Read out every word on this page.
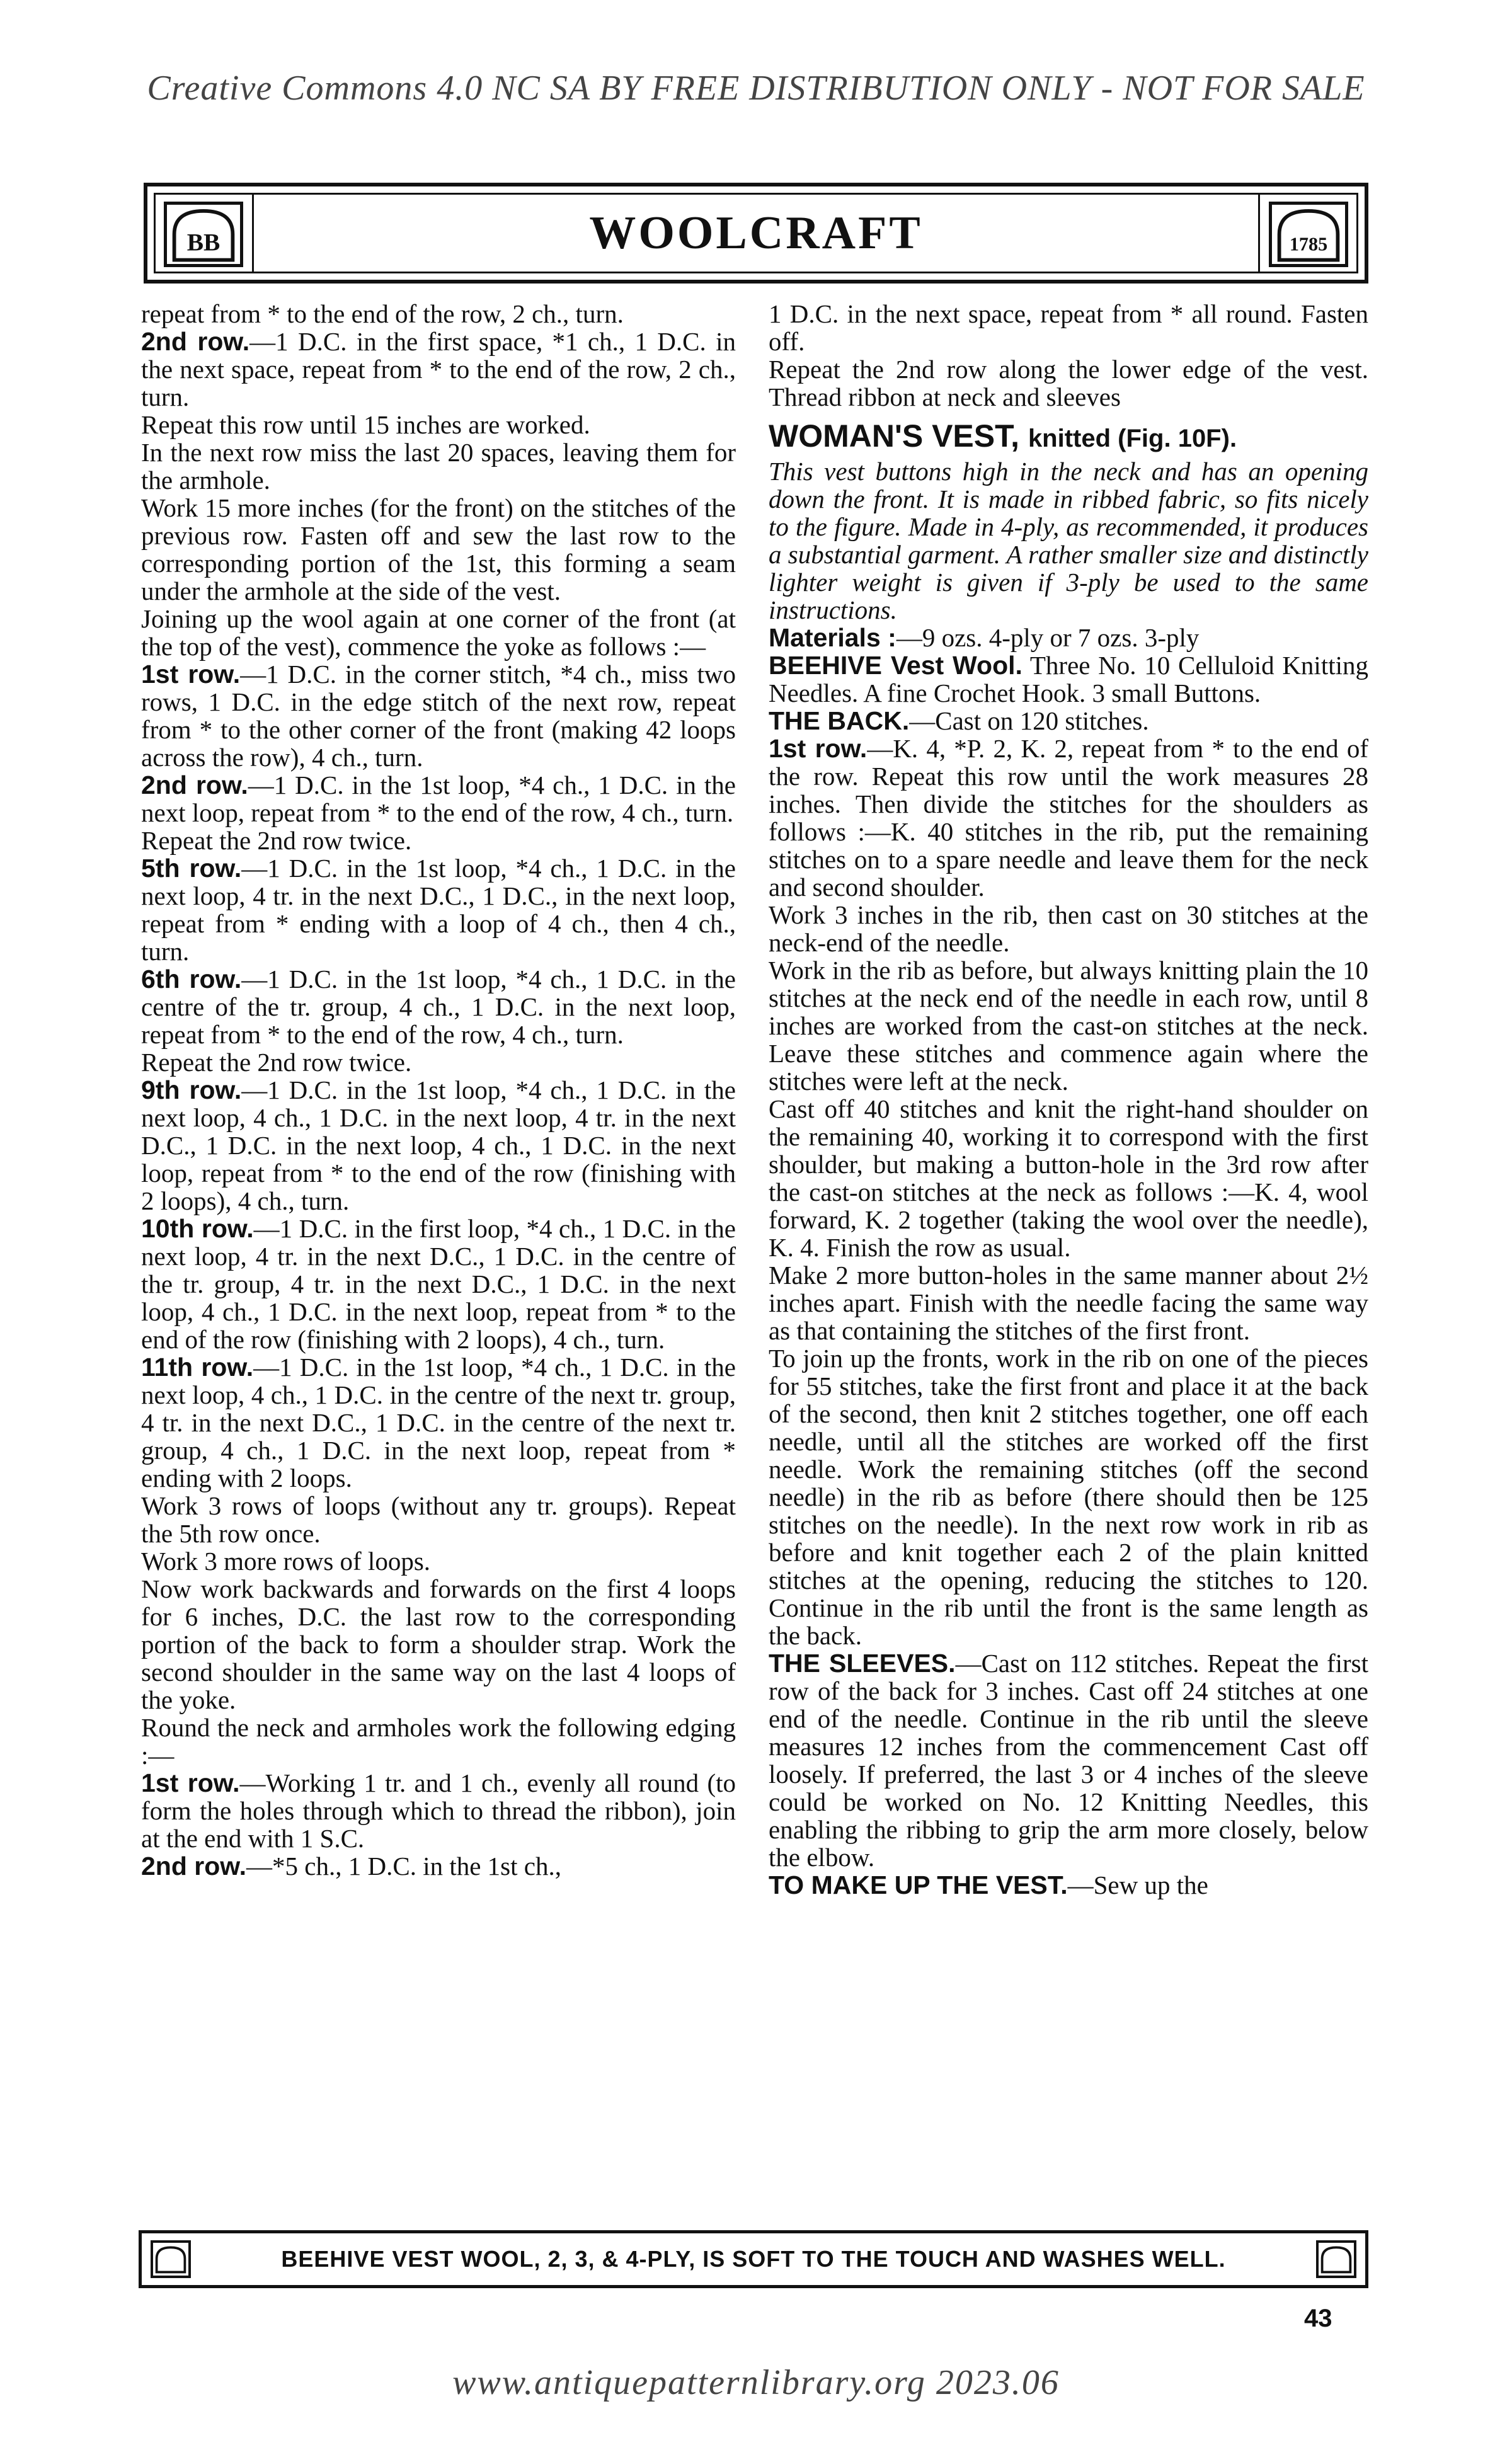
Creative Commons 4.0 NC SA BY FREE DISTRIBUTION ONLY - NOT FOR SALE
BB	WOOLCRAFT	1785

repeat from * to the end of the row, 2 ch., turn.

2nd row.—1 D.C. in the first space, *1 ch., 1 D.C. in the next space, repeat from * to the end of the row, 2 ch., turn.

Repeat this row until 15 inches are worked.

In the next row miss the last 20 spaces, leaving them for the armhole.

Work 15 more inches (for the front) on the stitches of the previous row. Fasten off and sew the last row to the corresponding portion of the 1st, this forming a seam under the armhole at the side of the vest.

Joining up the wool again at one corner of the front (at the top of the vest), commence the yoke as follows :—

1st row.—1 D.C. in the corner stitch, *4 ch., miss two rows, 1 D.C. in the edge stitch of the next row, repeat from * to the other corner of the front (making 42 loops across the row), 4 ch., turn.

2nd row.—1 D.C. in the 1st loop, *4 ch., 1 D.C. in the next loop, repeat from * to the end of the row, 4 ch., turn.

Repeat the 2nd row twice.

5th row.—1 D.C. in the 1st loop, *4 ch., 1 D.C. in the next loop, 4 tr. in the next D.C., 1 D.C., in the next loop, repeat from * ending with a loop of 4 ch., then 4 ch., turn.

6th row.—1 D.C. in the 1st loop, *4 ch., 1 D.C. in the centre of the tr. group, 4 ch., 1 D.C. in the next loop, repeat from * to the end of the row, 4 ch., turn.

Repeat the 2nd row twice.

9th row.—1 D.C. in the 1st loop, *4 ch., 1 D.C. in the next loop, 4 ch., 1 D.C. in the next loop, 4 tr. in the next D.C., 1 D.C. in the next loop, 4 ch., 1 D.C. in the next loop, repeat from * to the end of the row (finishing with 2 loops), 4 ch., turn.

10th row.—1 D.C. in the first loop, *4 ch., 1 D.C. in the next loop, 4 tr. in the next D.C., 1 D.C. in the centre of the tr. group, 4 tr. in the next D.C., 1 D.C. in the next loop, 4 ch., 1 D.C. in the next loop, repeat from * to the end of the row (finishing with 2 loops), 4 ch., turn.

11th row.—1 D.C. in the 1st loop, *4 ch., 1 D.C. in the next loop, 4 ch., 1 D.C. in the centre of the next tr. group, 4 tr. in the next D.C., 1 D.C. in the centre of the next tr. group, 4 ch., 1 D.C. in the next loop, repeat from * ending with 2 loops.

Work 3 rows of loops (without any tr. groups). Repeat the 5th row once.

Work 3 more rows of loops.

Now work backwards and forwards on the first 4 loops for 6 inches, D.C. the last row to the corresponding portion of the back to form a shoulder strap. Work the second shoulder in the same way on the last 4 loops of the yoke.

Round the neck and armholes work the following edging :—

1st row.—Working 1 tr. and 1 ch., evenly all round (to form the holes through which to thread the ribbon), join at the end with 1 S.C.

2nd row.—*5 ch., 1 D.C. in the 1st ch.,

1 D.C. in the next space, repeat from * all round. Fasten off.

Repeat the 2nd row along the lower edge of the vest. Thread ribbon at neck and sleeves

WOMAN'S VEST, knitted (Fig. 10F).

This vest buttons high in the neck and has an opening down the front. It is made in ribbed fabric, so fits nicely to the figure. Made in 4-ply, as recommended, it produces a substantial garment. A rather smaller size and distinctly lighter weight is given if 3-ply be used to the same instructions.

Materials :—9 ozs. 4-ply or 7 ozs. 3-ply

BEEHIVE Vest Wool. Three No. 10 Celluloid Knitting Needles. A fine Crochet Hook. 3 small Buttons.

THE BACK.—Cast on 120 stitches.

1st row.—K. 4, *P. 2, K. 2, repeat from * to the end of the row. Repeat this row until the work measures 28 inches. Then divide the stitches for the shoulders as follows :—K. 40 stitches in the rib, put the remaining stitches on to a spare needle and leave them for the neck and second shoulder.

Work 3 inches in the rib, then cast on 30 stitches at the neck-end of the needle.

Work in the rib as before, but always knitting plain the 10 stitches at the neck end of the needle in each row, until 8 inches are worked from the cast-on stitches at the neck. Leave these stitches and commence again where the stitches were left at the neck.

Cast off 40 stitches and knit the right-hand shoulder on the remaining 40, working it to correspond with the first shoulder, but making a button-hole in the 3rd row after the cast-on stitches at the neck as follows :—K. 4, wool forward, K. 2 together (taking the wool over the needle), K. 4. Finish the row as usual.

Make 2 more button-holes in the same manner about 2½ inches apart. Finish with the needle facing the same way as that containing the stitches of the first front.

To join up the fronts, work in the rib on one of the pieces for 55 stitches, take the first front and place it at the back of the second, then knit 2 stitches together, one off each needle, until all the stitches are worked off the first needle. Work the remaining stitches (off the second needle) in the rib as before (there should then be 125 stitches on the needle). In the next row work in rib as before and knit together each 2 of the plain knitted stitches at the opening, reducing the stitches to 120. Continue in the rib until the front is the same length as the back.

THE SLEEVES.—Cast on 112 stitches. Repeat the first row of the back for 3 inches. Cast off 24 stitches at one end of the needle. Continue in the rib until the sleeve measures 12 inches from the commencement Cast off loosely. If preferred, the last 3 or 4 inches of the sleeve could be worked on No. 12 Knitting Needles, this enabling the ribbing to grip the arm more closely, below the elbow.

TO MAKE UP THE VEST.—Sew up the

BEEHIVE VEST WOOL, 2, 3, & 4-PLY, IS SOFT TO THE TOUCH AND WASHES WELL.
43
www.antiquepatternlibrary.org 2023.06
